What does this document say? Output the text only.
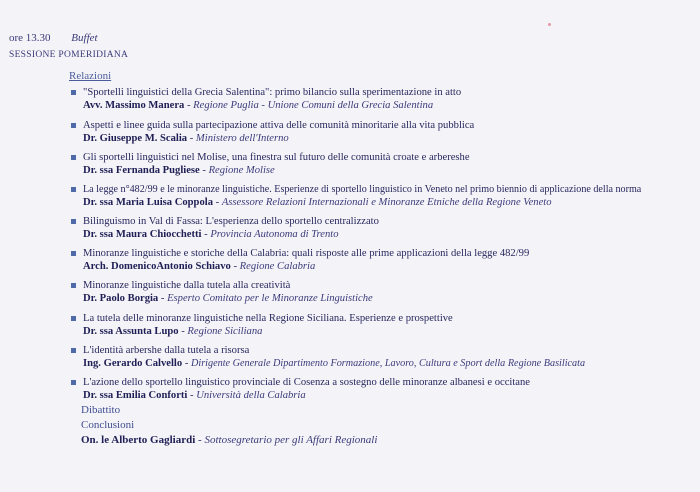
ore 13.30 Buffet
SESSIONE POMERIDIANA
Relazioni
"Sportelli linguistici della Grecia Salentina": primo bilancio sulla sperimentazione in atto
Avv. Massimo Manera - Regione Puglia - Unione Comuni della Grecia Salentina
Aspetti e linee guida sulla partecipazione attiva delle comunità minoritarie alla vita pubblica
Dr. Giuseppe M. Scalia - Ministero dell'Interno
Gli sportelli linguistici nel Molise, una finestra sul futuro delle comunità croate e arbereshe
Dr. ssa Fernanda Pugliese - Regione Molise
La legge n°482/99 e le minoranze linguistiche. Esperienze di sportello linguistico in Veneto nel primo biennio di applicazione della norma
Dr. ssa Maria Luisa Coppola - Assessore Relazioni Internazionali e Minoranze Etniche della Regione Veneto
Bilinguismo in Val di Fassa: L'esperienza dello sportello centralizzato
Dr. ssa Maura Chiocchetti - Provincia Autonoma di Trento
Minoranze linguistiche e storiche della Calabria: quali risposte alle prime applicazioni della legge 482/99
Arch. DomenicoAntonio Schiavo - Regione Calabria
Minoranze linguistiche dalla tutela alla creatività
Dr. Paolo Borgia - Esperto Comitato per le Minoranze Linguistiche
La tutela delle minoranze linguistiche nella Regione Siciliana. Esperienze e prospettive
Dr. ssa Assunta Lupo - Regione Siciliana
L'identità arbershe dalla tutela a risorsa
Ing. Gerardo Calvello - Dirigente Generale Dipartimento Formazione, Lavoro, Cultura e Sport della Regione Basilicata
L'azione dello sportello linguistico provinciale di Cosenza a sostegno delle minoranze albanesi e occitane
Dr. ssa Emilia Conforti - Università della Calabria
Dibattito
Conclusioni
On. le Alberto Gagliardi - Sottosegretario per gli Affari Regionali
